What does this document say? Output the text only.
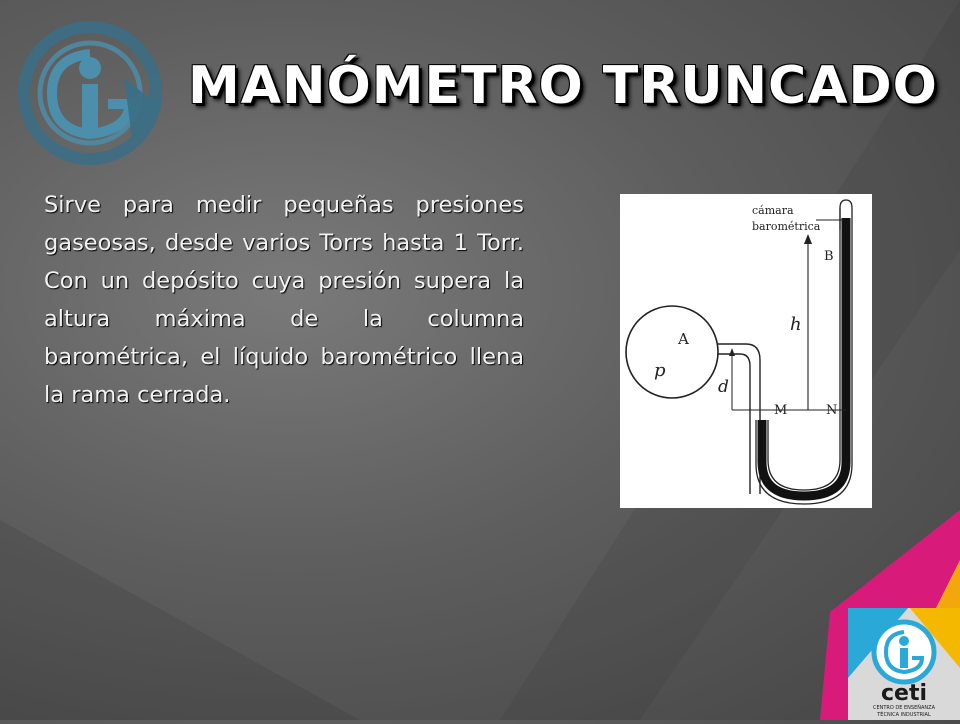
MANÓMETRO TRUNCADO
Sirve para medir pequeñas presiones gaseosas, desde varios Torrs hasta 1 Torr. Con un depósito cuya presión supera la altura máxima de la columna barométrica, el líquido barométrico llena la rama cerrada.
cámara
barométrica
B
h
A
p
d
M	N
ceti
CENTRO DE ENSEÑANZA
TÉCNICA INDUSTRIAL
